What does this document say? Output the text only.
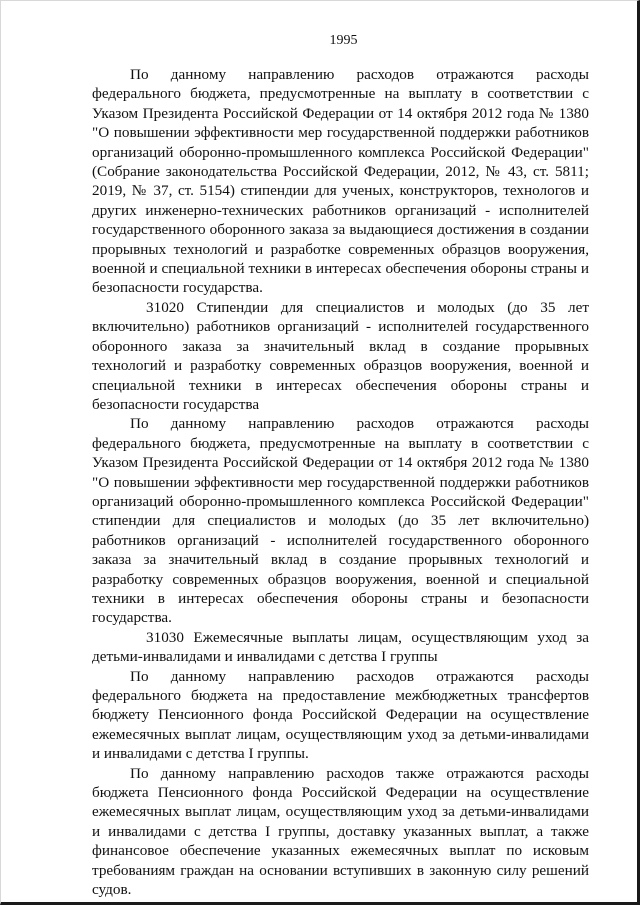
1995

По данному направлению расходов отражаются расходы федерального бюджета, предусмотренные на выплату в соответствии с Указом Президента Российской Федерации от 14 октября 2012 года № 1380 "О повышении эффективности мер государственной поддержки работников организаций оборонно-промышленного комплекса Российской Федерации" (Собрание законодательства Российской Федерации, 2012, № 43, ст. 5811; 2019, № 37, ст. 5154) стипендии для ученых, конструкторов, технологов и других инженерно-технических работников организаций - исполнителей государственного оборонного заказа за выдающиеся достижения в создании прорывных технологий и разработке современных образцов вооружения, военной и специальной техники в интересах обеспечения обороны страны и безопасности государства.

31020 Стипендии для специалистов и молодых (до 35 лет включительно) работников организаций - исполнителей государственного оборонного заказа за значительный вклад в создание прорывных технологий и разработку современных образцов вооружения, военной и специальной техники в интересах обеспечения обороны страны и безопасности государства

По данному направлению расходов отражаются расходы федерального бюджета, предусмотренные на выплату в соответствии с Указом Президента Российской Федерации от 14 октября 2012 года № 1380 "О повышении эффективности мер государственной поддержки работников организаций оборонно-промышленного комплекса Российской Федерации" стипендии для специалистов и молодых (до 35 лет включительно) работников организаций - исполнителей государственного оборонного заказа за значительный вклад в создание прорывных технологий и разработку современных образцов вооружения, военной и специальной техники в интересах обеспечения обороны страны и безопасности государства.

31030 Ежемесячные выплаты лицам, осуществляющим уход за детьми-инвалидами и инвалидами с детства I группы

По данному направлению расходов отражаются расходы федерального бюджета на предоставление межбюджетных трансфертов бюджету Пенсионного фонда Российской Федерации на осуществление ежемесячных выплат лицам, осуществляющим уход за детьми-инвалидами и инвалидами с детства I группы.

По данному направлению расходов также отражаются расходы бюджета Пенсионного фонда Российской Федерации на осуществление ежемесячных выплат лицам, осуществляющим уход за детьми-инвалидами и инвалидами с детства I группы, доставку указанных выплат, а также финансовое обеспечение указанных ежемесячных выплат по исковым требованиям граждан на основании вступивших в законную силу решений судов.
